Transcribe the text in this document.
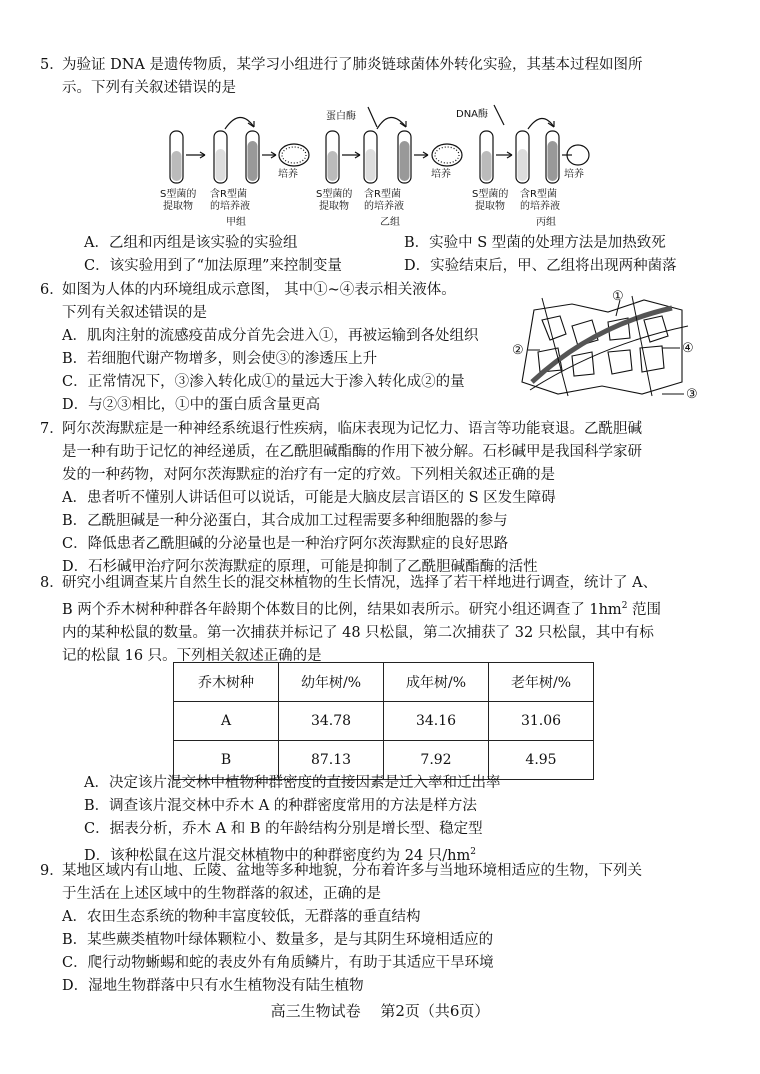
5．
为验证 DNA 是遗传物质，某学习小组进行了肺炎链球菌体外转化实验，其基本过程如图所
示。下列有关叙述错误的是
S型菌的
提取物
含R型菌
的培养液
培养
甲组
蛋白酶
S型菌的
提取物
含R型菌
的培养液
培养
乙组
DNA酶
S型菌的
提取物
含R型菌
的培养液
培养
丙组
A．乙组和丙组是该实验的实验组	B．实验中 S 型菌的处理方法是加热致死
C．该实验用到了“加法原理”来控制变量	D．实验结束后，甲、乙组将出现两种菌落
6．
如图为人体的内环境组成示意图， 其中①~④表示相关液体。
下列有关叙述错误的是
A．肌肉注射的流感疫苗成分首先会进入①，再被运输到各处组织
B．若细胞代谢产物增多，则会使③的渗透压上升
C．正常情况下，③渗入转化成①的量远大于渗入转化成②的量
D．与②③相比，①中的蛋白质含量更高
①
②
③
④
7．
阿尔茨海默症是一种神经系统退行性疾病，临床表现为记忆力、语言等功能衰退。乙酰胆碱
是一种有助于记忆的神经递质，在乙酰胆碱酯酶的作用下被分解。石杉碱甲是我国科学家研
发的一种药物，对阿尔茨海默症的治疗有一定的疗效。下列相关叙述正确的是
A．患者听不懂别人讲话但可以说话，可能是大脑皮层言语区的 S 区发生障碍
B．乙酰胆碱是一种分泌蛋白，其合成加工过程需要多种细胞器的参与
C．降低患者乙酰胆碱的分泌量也是一种治疗阿尔茨海默症的良好思路
D．石杉碱甲治疗阿尔茨海默症的原理，可能是抑制了乙酰胆碱酯酶的活性
8．
研究小组调查某片自然生长的混交林植物的生长情况，选择了若干样地进行调查，统计了 A、
B 两个乔木树种种群各年龄期个体数目的比例，结果如表所示。研究小组还调查了 $1hm^2$ 范围
内的某种松鼠的数量。第一次捕获并标记了 48 只松鼠，第二次捕获了 32 只松鼠，其中有标
记的松鼠 16 只。下列相关叙述正确的是
乔木树种	幼年树/%	成年树/%	老年树/%
A	34.78	34.16	31.06
B	87.13	7.92	4.95
A．决定该片混交林中植物种群密度的直接因素是迁入率和迁出率
B．调查该片混交林中乔木 A 的种群密度常用的方法是样方法
C．据表分析，乔木 A 和 B 的年龄结构分别是增长型、稳定型
D．该种松鼠在这片混交林植物中的种群密度约为 24 只$/hm^2$
9．
某地区域内有山地、丘陵、盆地等多种地貌，分布着许多与当地环境相适应的生物，下列关
于生活在上述区域中的生物群落的叙述，正确的是
A．农田生态系统的物种丰富度较低，无群落的垂直结构
B．某些蕨类植物叶绿体颗粒小、数量多，是与其阴生环境相适应的
C．爬行动物蜥蜴和蛇的表皮外有角质鳞片，有助于其适应干旱环境
D．湿地生物群落中只有水生植物没有陆生植物
高三生物试卷　 第2页（共6页）
